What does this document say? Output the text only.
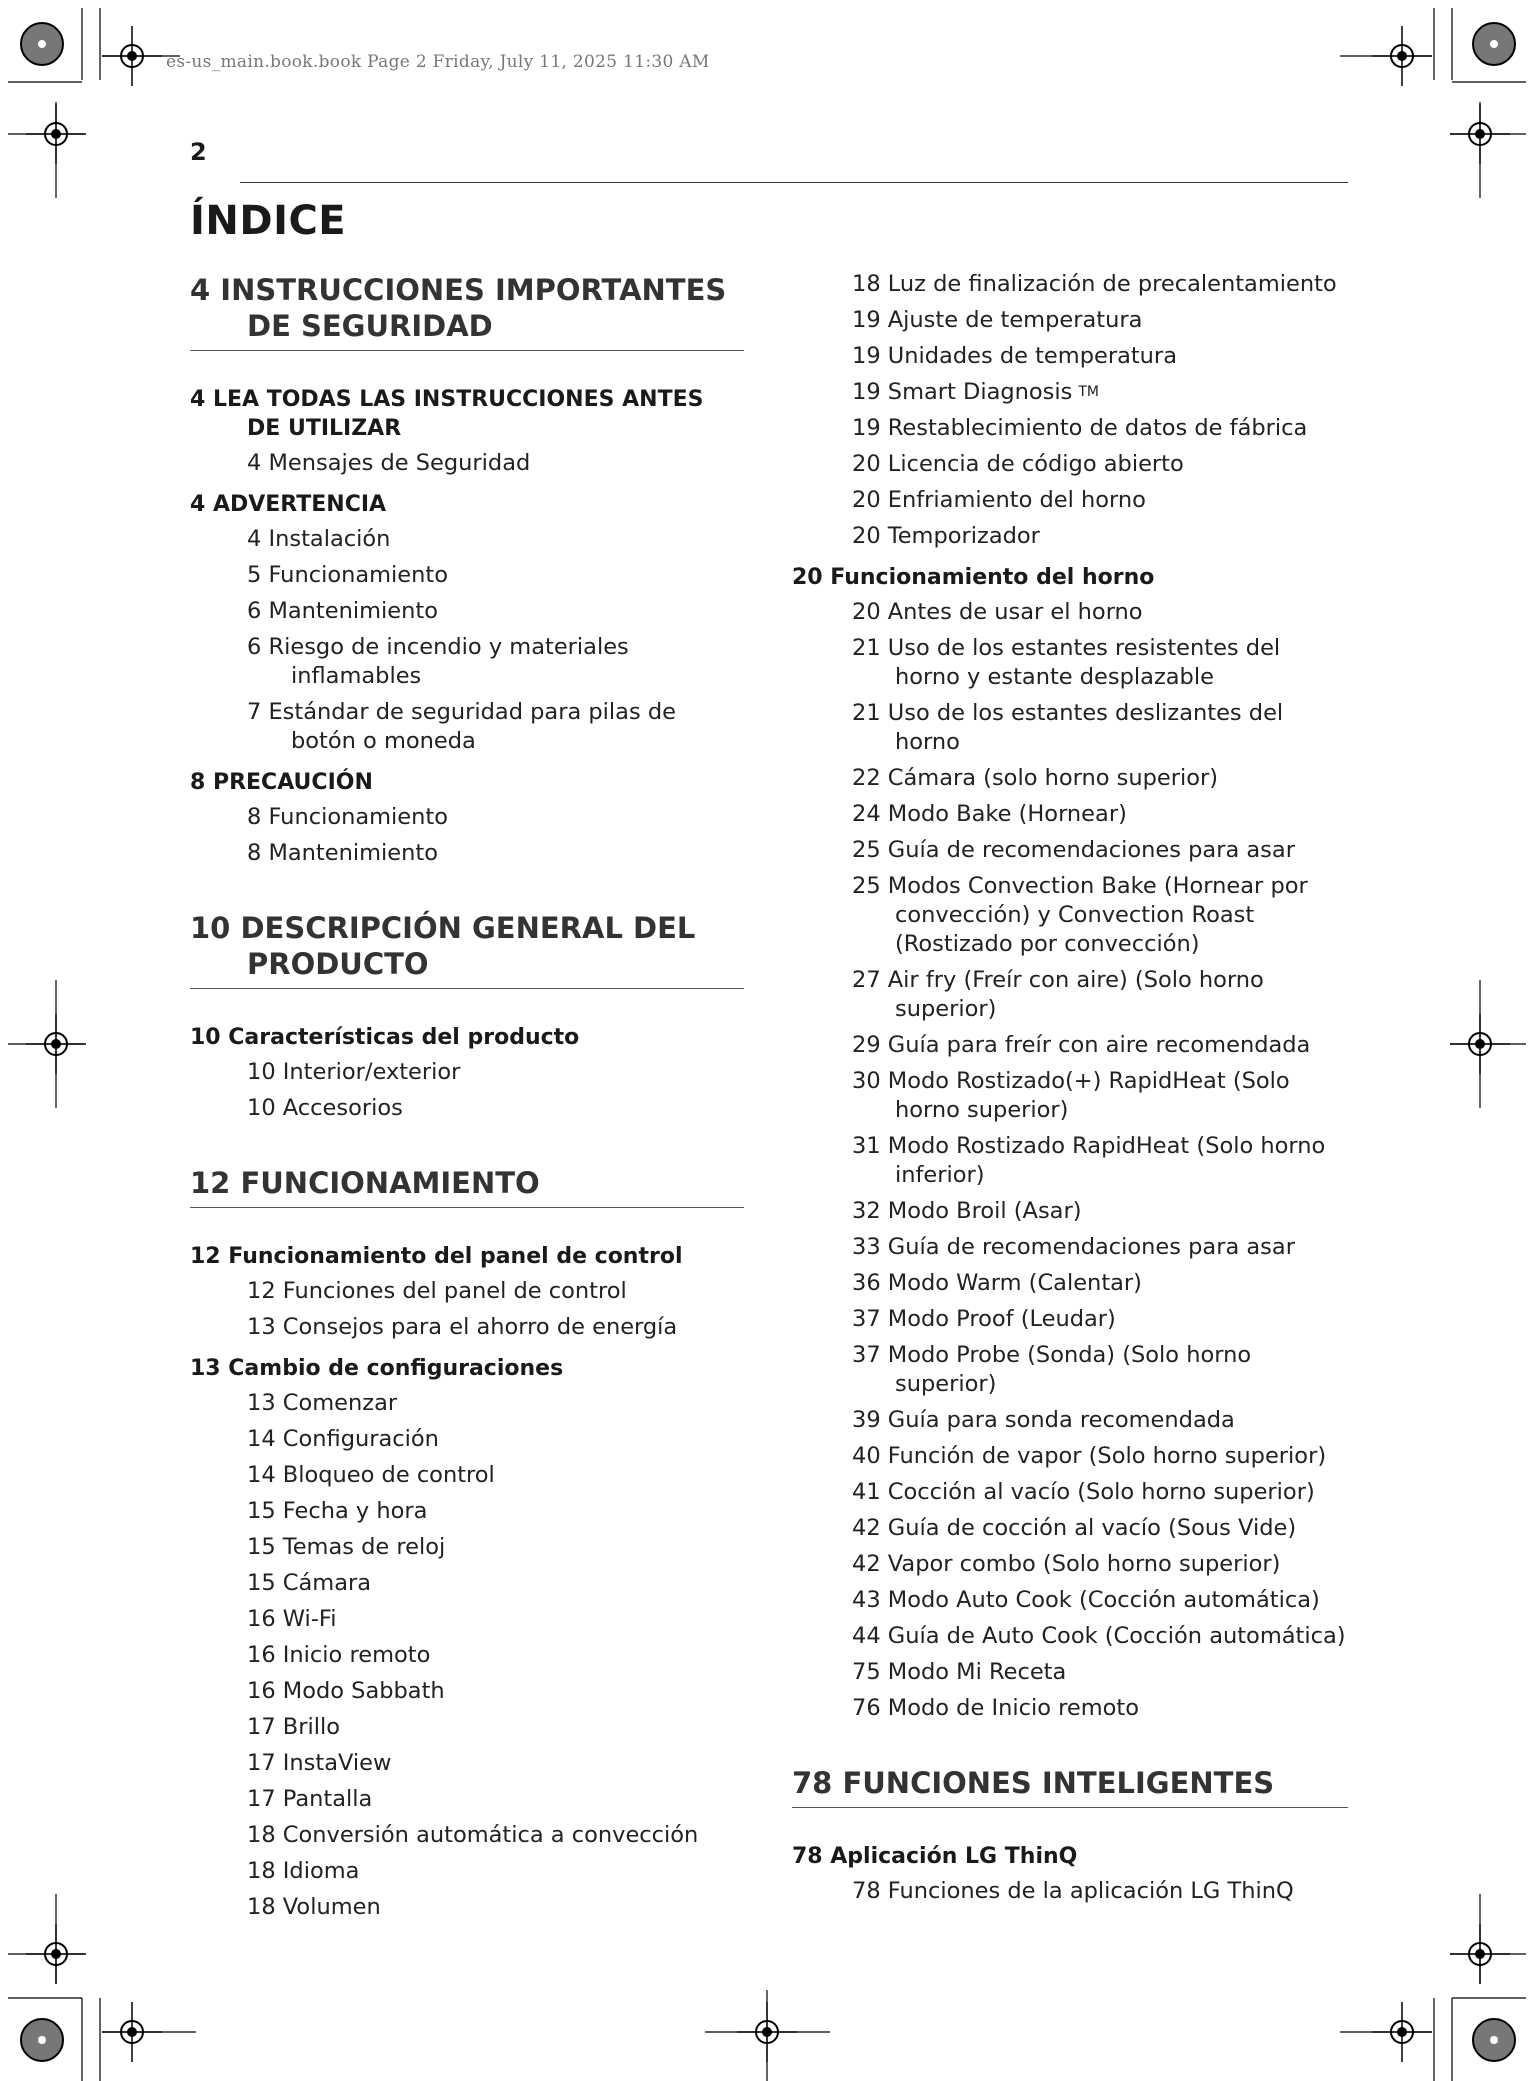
es-us_main.book.book Page 2 Friday, July 11, 2025 11:30 AM
2
ÍNDICE
4 INSTRUCCIONES IMPORTANTES DE SEGURIDAD
4 LEA TODAS LAS INSTRUCCIONES ANTES DE UTILIZAR
4 Mensajes de Seguridad
4 ADVERTENCIA
4 Instalación
5 Funcionamiento
6 Mantenimiento
6 Riesgo de incendio y materiales inflamables
7 Estándar de seguridad para pilas de botón o moneda
8 PRECAUCIÓN
8 Funcionamiento
8 Mantenimiento
10 DESCRIPCIÓN GENERAL DEL PRODUCTO
10 Características del producto
10 Interior/exterior
10 Accesorios
12 FUNCIONAMIENTO
12 Funcionamiento del panel de control
12 Funciones del panel de control
13 Consejos para el ahorro de energía
13 Cambio de configuraciones
13 Comenzar
14 Configuración
14 Bloqueo de control
15 Fecha y hora
15 Temas de reloj
15 Cámara
16 Wi-Fi
16 Inicio remoto
16 Modo Sabbath
17 Brillo
17 InstaView
17 Pantalla
18 Conversión automática a convección
18 Idioma
18 Volumen
18 Luz de finalización de precalentamiento
19 Ajuste de temperatura
19 Unidades de temperatura
19 Smart Diagnosis ™
19 Restablecimiento de datos de fábrica
20 Licencia de código abierto
20 Enfriamiento del horno
20 Temporizador
20 Funcionamiento del horno
20 Antes de usar el horno
21 Uso de los estantes resistentes del horno y estante desplazable
21 Uso de los estantes deslizantes del horno
22 Cámara (solo horno superior)
24 Modo Bake (Hornear)
25 Guía de recomendaciones para asar
25 Modos Convection Bake (Hornear por convección) y Convection Roast (Rostizado por convección)
27 Air fry (Freír con aire) (Solo horno superior)
29 Guía para freír con aire recomendada
30 Modo Rostizado(+) RapidHeat (Solo horno superior)
31 Modo Rostizado RapidHeat (Solo horno inferior)
32 Modo Broil (Asar)
33 Guía de recomendaciones para asar
36 Modo Warm (Calentar)
37 Modo Proof (Leudar)
37 Modo Probe (Sonda) (Solo horno superior)
39 Guía para sonda recomendada
40 Función de vapor (Solo horno superior)
41 Cocción al vacío (Solo horno superior)
42 Guía de cocción al vacío (Sous Vide)
42 Vapor combo (Solo horno superior)
43 Modo Auto Cook (Cocción automática)
44 Guía de Auto Cook (Cocción automática)
75 Modo Mi Receta
76 Modo de Inicio remoto
78 FUNCIONES INTELIGENTES
78 Aplicación LG ThinQ
78 Funciones de la aplicación LG ThinQ
